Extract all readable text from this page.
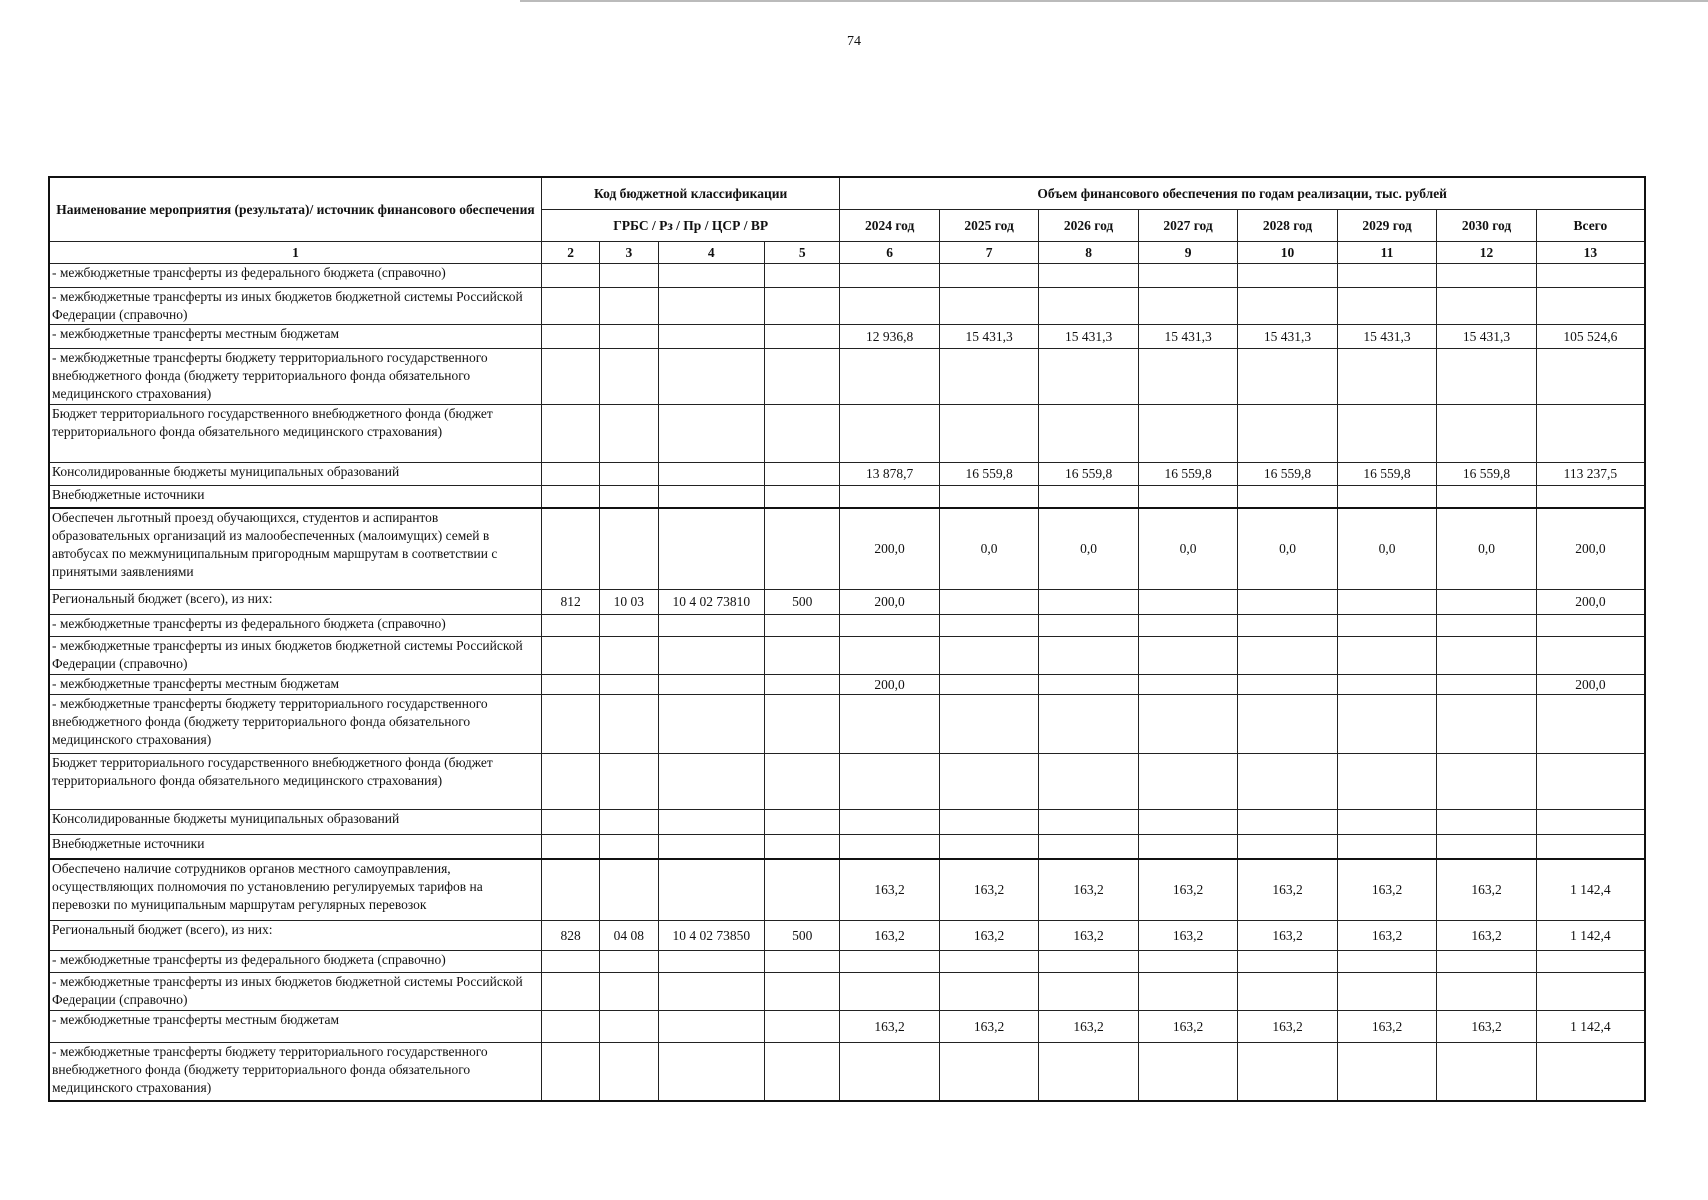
74
Наименование мероприятия (результата)/ источник финансового обеспечения	Код бюджетной классификации				Объем финансового обеспечения по годам реализации, тыс. рублей							
	ГРБС / Рз / Пр / ЦСР / ВР				2024 год	2025 год	2026 год	2027 год	2028 год	2029 год	2030 год	Всего
1	2	3	4	5	6	7	8	9	10	11	12	13
- межбюджетные трансферты из федерального бюджета (справочно)												
- межбюджетные трансферты из иных бюджетов бюджетной системы Российской Федерации (справочно)												
- межбюджетные трансферты местным бюджетам					12 936,8	15 431,3	15 431,3	15 431,3	15 431,3	15 431,3	15 431,3	105 524,6
- межбюджетные трансферты бюджету территориального государственного внебюджетного фонда (бюджету территориального фонда обязательного медицинского страхования)												
Бюджет территориального государственного внебюджетного фонда (бюджет территориального фонда обязательного медицинского страхования)												
Консолидированные бюджеты муниципальных образований					13 878,7	16 559,8	16 559,8	16 559,8	16 559,8	16 559,8	16 559,8	113 237,5
Внебюджетные источники												
Обеспечен льготный проезд обучающихся, студентов и аспирантов образовательных организаций из малообеспеченных (малоимущих) семей в автобусах по межмуниципальным пригородным маршрутам в соответствии с принятыми заявлениями					200,0	0,0	0,0	0,0	0,0	0,0	0,0	200,0
Региональный бюджет (всего), из них:	812	10 03	10 4 02 73810	500	200,0							200,0
- межбюджетные трансферты из федерального бюджета (справочно)												
- межбюджетные трансферты из иных бюджетов бюджетной системы Российской Федерации (справочно)												
- межбюджетные трансферты местным бюджетам					200,0							200,0
- межбюджетные трансферты бюджету территориального государственного внебюджетного фонда (бюджету территориального фонда обязательного медицинского страхования)												
Бюджет территориального государственного внебюджетного фонда (бюджет территориального фонда обязательного медицинского страхования)												
Консолидированные бюджеты муниципальных образований												
Внебюджетные источники												
Обеспечено наличие сотрудников органов местного самоуправления, осуществляющих полномочия по установлению регулируемых тарифов на перевозки по муниципальным маршрутам регулярных перевозок					163,2	163,2	163,2	163,2	163,2	163,2	163,2	1 142,4
Региональный бюджет (всего), из них:	828	04 08	10 4 02 73850	500	163,2	163,2	163,2	163,2	163,2	163,2	163,2	1 142,4
- межбюджетные трансферты из федерального бюджета (справочно)												
- межбюджетные трансферты из иных бюджетов бюджетной системы Российской Федерации (справочно)												
- межбюджетные трансферты местным бюджетам					163,2	163,2	163,2	163,2	163,2	163,2	163,2	1 142,4
- межбюджетные трансферты бюджету территориального государственного внебюджетного фонда (бюджету территориального фонда обязательного медицинского страхования)												
